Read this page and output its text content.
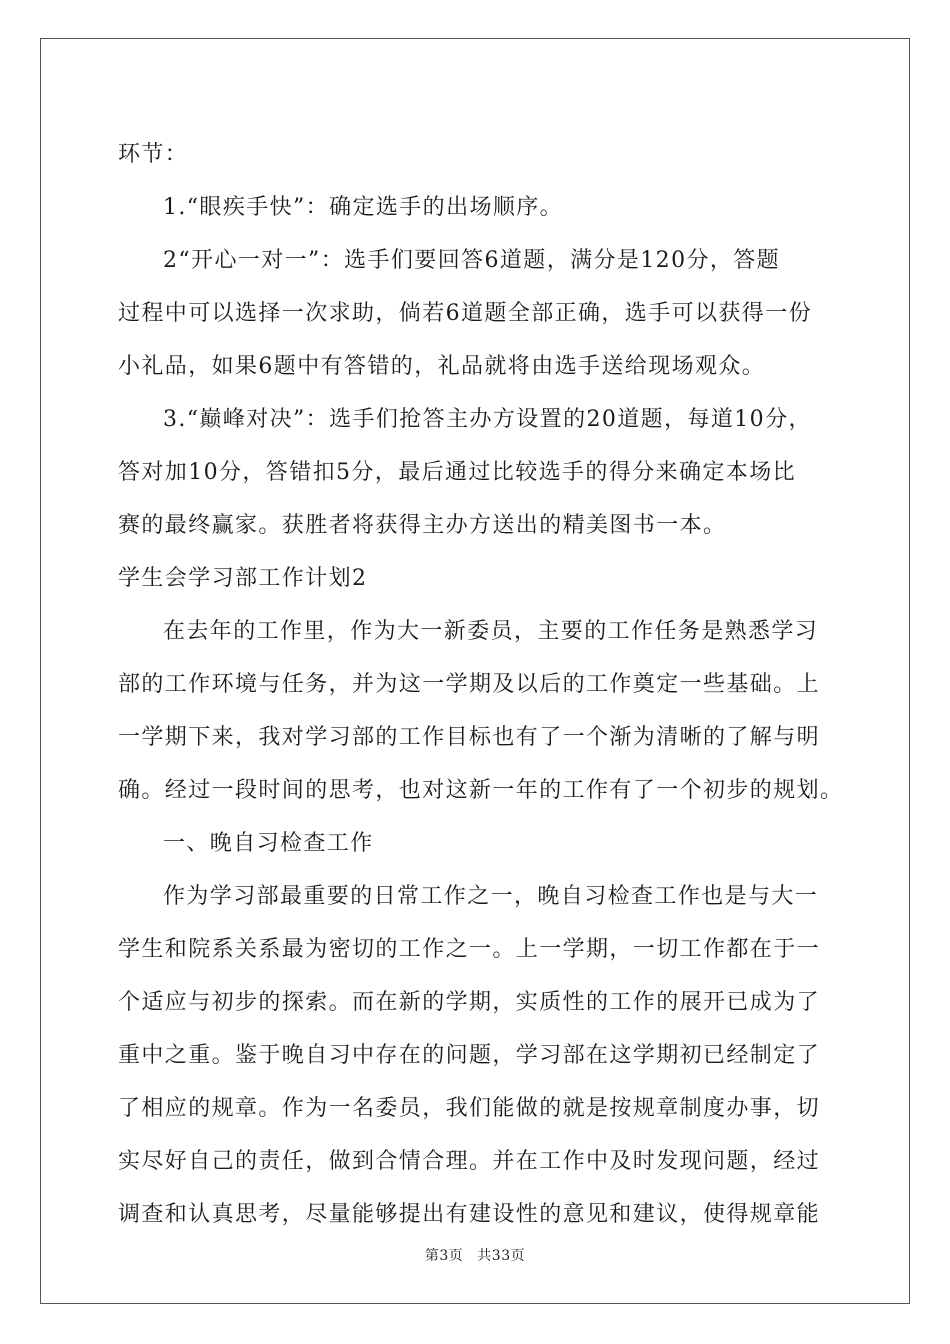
环节：
1.“眼疾手快”：确定选手的出场顺序。
2“开心一对一”：选手们要回答6道题，满分是120分，答题
过程中可以选择一次求助，倘若6道题全部正确，选手可以获得一份
小礼品，如果6题中有答错的，礼品就将由选手送给现场观众。
3.“巅峰对决”：选手们抢答主办方设置的20道题，每道10分，
答对加10分，答错扣5分，最后通过比较选手的得分来确定本场比
赛的最终赢家。获胜者将获得主办方送出的精美图书一本。
学生会学习部工作计划2
在去年的工作里，作为大一新委员，主要的工作任务是熟悉学习
部的工作环境与任务，并为这一学期及以后的工作奠定一些基础。上
一学期下来，我对学习部的工作目标也有了一个渐为清晰的了解与明
确。经过一段时间的思考，也对这新一年的工作有了一个初步的规划。
一、晚自习检查工作
作为学习部最重要的日常工作之一，晚自习检查工作也是与大一
学生和院系关系最为密切的工作之一。上一学期，一切工作都在于一
个适应与初步的探索。而在新的学期，实质性的工作的展开已成为了
重中之重。鉴于晚自习中存在的问题，学习部在这学期初已经制定了
了相应的规章。作为一名委员，我们能做的就是按规章制度办事，切
实尽好自己的责任，做到合情合理。并在工作中及时发现问题，经过
调查和认真思考，尽量能够提出有建设性的意见和建议，使得规章能
第3页 共33页
